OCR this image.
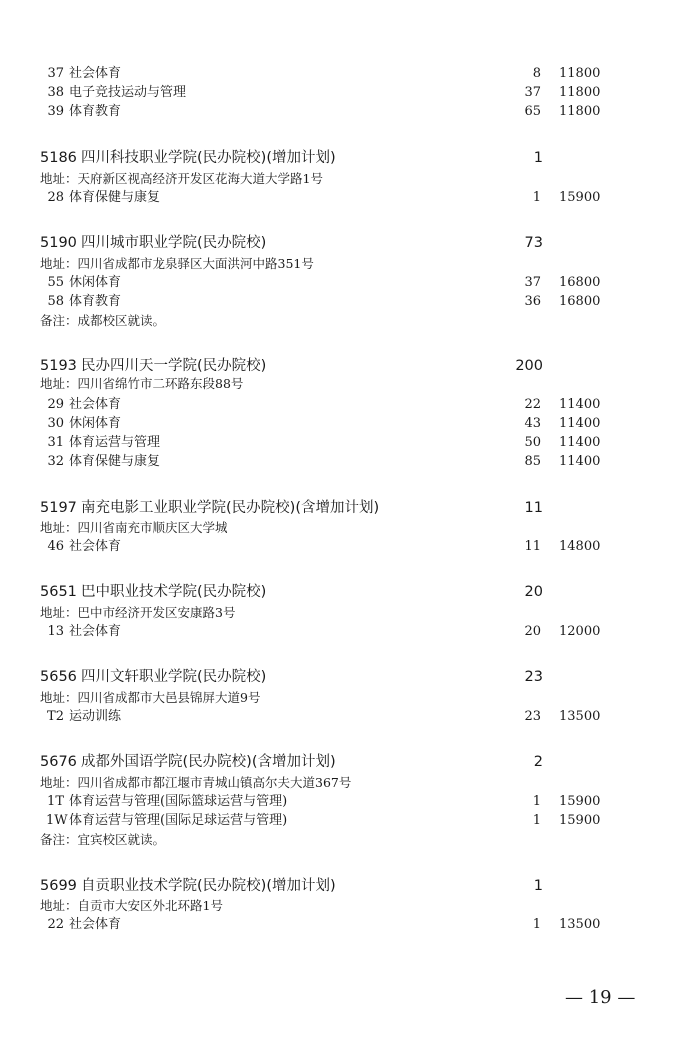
37 社会体育	8 11800
38 电子竞技运动与管理	37 11800
39 体育教育	65 11800
5186 四川科技职业学院(民办院校)(增加计划)	1
地址：天府新区视高经济开发区花海大道大学路1号
28 体育保健与康复	1 15900
5190 四川城市职业学院(民办院校)	73
地址：四川省成都市龙泉驿区大面洪河中路351号
55 休闲体育	37 16800
58 体育教育	36 16800
备注：成都校区就读。
5193 民办四川天一学院(民办院校)	200
地址：四川省绵竹市二环路东段88号
29 社会体育	22 11400
30 休闲体育	43 11400
31 体育运营与管理	50 11400
32 体育保健与康复	85 11400
5197 南充电影工业职业学院(民办院校)(含增加计划)	11
地址：四川省南充市顺庆区大学城
46 社会体育	11 14800
5651 巴中职业技术学院(民办院校)	20
地址：巴中市经济开发区安康路3号
13 社会体育	20 12000
5656 四川文轩职业学院(民办院校)	23
地址：四川省成都市大邑县锦屏大道9号
T2 运动训练	23 13500
5676 成都外国语学院(民办院校)(含增加计划)	2
地址：四川省成都市都江堰市青城山镇高尔夫大道367号
1T 体育运营与管理(国际篮球运营与管理)	1 15900
1W 体育运营与管理(国际足球运营与管理)	1 15900
备注：宜宾校区就读。
5699 自贡职业技术学院(民办院校)(增加计划)	1
地址：自贡市大安区外北环路1号
22 社会体育	1 13500
— 19 —
